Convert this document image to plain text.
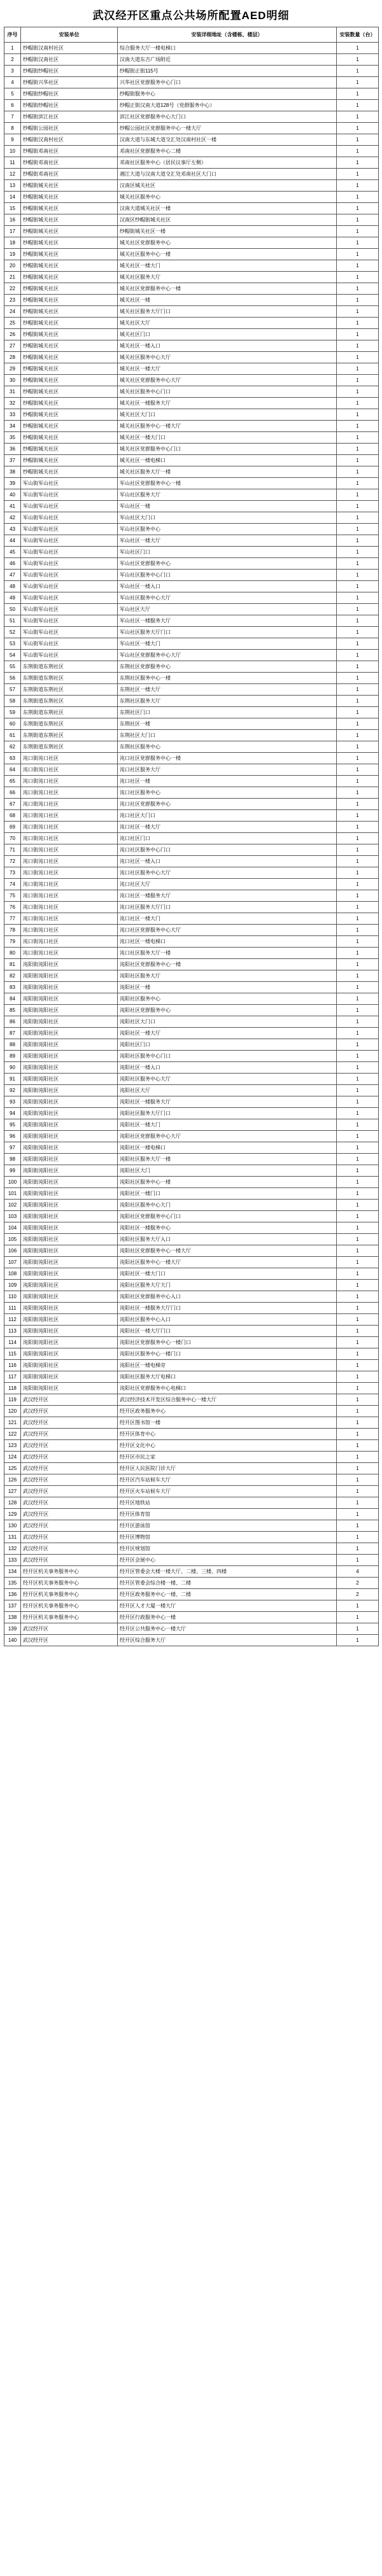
武汉经开区重点公共场所配置AED明细
序号	安装单位	安装详细地址（含楼栋、楼层）	安装数量（台）
1	纱帽街汉南村社区	综合服务大厅一楼电梯口	1
2	纱帽街汉南社区	汉南大道东吉广场附近	1
3	纱帽街纱帽社区	纱帽街正街115号	1
4	纱帽街兴华社区	兴华社区党群服务中心门口	1
5	纱帽街纱帽社区	纱帽街服务中心	1
6	纱帽街纱帽社区	纱帽正街汉南大道128号（党群服务中心）	1
7	纱帽街滨江社区	滨江社区党群服务中心大门口	1
8	纱帽街公园社区	纱帽公园社区党群服务中心一楼大厅	1
9	纱帽街汉南村社区	汉南大道与东城大道交汇处汉南村社区一楼	1
10	纱帽街邓南社区	邓南社区党群服务中心二楼	1
11	纱帽街邓南社区	邓南社区服务中心（居民议事厅左侧）	1
12	纱帽街邓南社区	湘江大道与汉南大道交汇处邓南社区大门口	1
13	纱帽街城关社区	汉南区城关社区	1
14	纱帽街城关社区	城关社区服务中心	1
15	纱帽街城关社区	汉南大道城关社区一楼	1
16	纱帽街城关社区	汉南区纱帽街城关社区	1
17	纱帽街城关社区	纱帽街城关社区一楼	1
18	纱帽街城关社区	城关社区党群服务中心	1
19	纱帽街城关社区	城关社区服务中心一楼	1
20	纱帽街城关社区	城关社区一楼大门	1
21	纱帽街城关社区	城关社区服务大厅	1
22	纱帽街城关社区	城关社区党群服务中心一楼	1
23	纱帽街城关社区	城关社区一楼	1
24	纱帽街城关社区	城关社区服务大厅门口	1
25	纱帽街城关社区	城关社区大厅	1
26	纱帽街城关社区	城关社区门口	1
27	纱帽街城关社区	城关社区一楼入口	1
28	纱帽街城关社区	城关社区服务中心大厅	1
29	纱帽街城关社区	城关社区一楼大厅	1
30	纱帽街城关社区	城关社区党群服务中心大厅	1
31	纱帽街城关社区	城关社区服务中心门口	1
32	纱帽街城关社区	城关社区一楼服务大厅	1
33	纱帽街城关社区	城关社区大门口	1
34	纱帽街城关社区	城关社区服务中心一楼大厅	1
35	纱帽街城关社区	城关社区一楼大门口	1
36	纱帽街城关社区	城关社区党群服务中心门口	1
37	纱帽街城关社区	城关社区一楼电梯口	1
38	纱帽街城关社区	城关社区服务大厅一楼	1
39	军山街军山社区	军山社区党群服务中心一楼	1
40	军山街军山社区	军山社区服务大厅	1
41	军山街军山社区	军山社区一楼	1
42	军山街军山社区	军山社区大门口	1
43	军山街军山社区	军山社区服务中心	1
44	军山街军山社区	军山社区一楼大厅	1
45	军山街军山社区	军山社区门口	1
46	军山街军山社区	军山社区党群服务中心	1
47	军山街军山社区	军山社区服务中心门口	1
48	军山街军山社区	军山社区一楼入口	1
49	军山街军山社区	军山社区服务中心大厅	1
50	军山街军山社区	军山社区大厅	1
51	军山街军山社区	军山社区一楼服务大厅	1
52	军山街军山社区	军山社区服务大厅门口	1
53	军山街军山社区	军山社区一楼大门	1
54	军山街军山社区	军山社区党群服务中心大厅	1
55	东荆街道东荆社区	东荆社区党群服务中心	1
56	东荆街道东荆社区	东荆社区服务中心一楼	1
57	东荆街道东荆社区	东荆社区一楼大厅	1
58	东荆街道东荆社区	东荆社区服务大厅	1
59	东荆街道东荆社区	东荆社区门口	1
60	东荆街道东荆社区	东荆社区一楼	1
61	东荆街道东荆社区	东荆社区大门口	1
62	东荆街道东荆社区	东荆社区服务中心	1
63	沌口街沌口社区	沌口社区党群服务中心一楼	1
64	沌口街沌口社区	沌口社区服务大厅	1
65	沌口街沌口社区	沌口社区一楼	1
66	沌口街沌口社区	沌口社区服务中心	1
67	沌口街沌口社区	沌口社区党群服务中心	1
68	沌口街沌口社区	沌口社区大门口	1
69	沌口街沌口社区	沌口社区一楼大厅	1
70	沌口街沌口社区	沌口社区门口	1
71	沌口街沌口社区	沌口社区服务中心门口	1
72	沌口街沌口社区	沌口社区一楼入口	1
73	沌口街沌口社区	沌口社区服务中心大厅	1
74	沌口街沌口社区	沌口社区大厅	1
75	沌口街沌口社区	沌口社区一楼服务大厅	1
76	沌口街沌口社区	沌口社区服务大厅门口	1
77	沌口街沌口社区	沌口社区一楼大门	1
78	沌口街沌口社区	沌口社区党群服务中心大厅	1
79	沌口街沌口社区	沌口社区一楼电梯口	1
80	沌口街沌口社区	沌口社区服务大厅一楼	1
81	沌阳街沌阳社区	沌阳社区党群服务中心一楼	1
82	沌阳街沌阳社区	沌阳社区服务大厅	1
83	沌阳街沌阳社区	沌阳社区一楼	1
84	沌阳街沌阳社区	沌阳社区服务中心	1
85	沌阳街沌阳社区	沌阳社区党群服务中心	1
86	沌阳街沌阳社区	沌阳社区大门口	1
87	沌阳街沌阳社区	沌阳社区一楼大厅	1
88	沌阳街沌阳社区	沌阳社区门口	1
89	沌阳街沌阳社区	沌阳社区服务中心门口	1
90	沌阳街沌阳社区	沌阳社区一楼入口	1
91	沌阳街沌阳社区	沌阳社区服务中心大厅	1
92	沌阳街沌阳社区	沌阳社区大厅	1
93	沌阳街沌阳社区	沌阳社区一楼服务大厅	1
94	沌阳街沌阳社区	沌阳社区服务大厅门口	1
95	沌阳街沌阳社区	沌阳社区一楼大门	1
96	沌阳街沌阳社区	沌阳社区党群服务中心大厅	1
97	沌阳街沌阳社区	沌阳社区一楼电梯口	1
98	沌阳街沌阳社区	沌阳社区服务大厅一楼	1
99	沌阳街沌阳社区	沌阳社区大门	1
100	沌阳街沌阳社区	沌阳社区服务中心一楼	1
101	沌阳街沌阳社区	沌阳社区一楼门口	1
102	沌阳街沌阳社区	沌阳社区服务中心大门	1
103	沌阳街沌阳社区	沌阳社区党群服务中心门口	1
104	沌阳街沌阳社区	沌阳社区一楼服务中心	1
105	沌阳街沌阳社区	沌阳社区服务大厅入口	1
106	沌阳街沌阳社区	沌阳社区党群服务中心一楼大厅	1
107	沌阳街沌阳社区	沌阳社区服务中心一楼大厅	1
108	沌阳街沌阳社区	沌阳社区一楼大门口	1
109	沌阳街沌阳社区	沌阳社区服务大厅大门	1
110	沌阳街沌阳社区	沌阳社区党群服务中心入口	1
111	沌阳街沌阳社区	沌阳社区一楼服务大厅门口	1
112	沌阳街沌阳社区	沌阳社区服务中心入口	1
113	沌阳街沌阳社区	沌阳社区一楼大厅门口	1
114	沌阳街沌阳社区	沌阳社区党群服务中心一楼门口	1
115	沌阳街沌阳社区	沌阳社区服务中心一楼门口	1
116	沌阳街沌阳社区	沌阳社区一楼电梯旁	1
117	沌阳街沌阳社区	沌阳社区服务大厅电梯口	1
118	沌阳街沌阳社区	沌阳社区党群服务中心电梯口	1
119	武汉经开区	武汉经济技术开发区综合服务中心一楼大厅	1
120	武汉经开区	经开区政务服务中心	1
121	武汉经开区	经开区图书馆一楼	1
122	武汉经开区	经开区体育中心	1
123	武汉经开区	经开区文化中心	1
124	武汉经开区	经开区市民之家	1
125	武汉经开区	经开区人民医院门诊大厅	1
126	武汉经开区	经开区汽车站候车大厅	1
127	武汉经开区	经开区火车站候车大厅	1
128	武汉经开区	经开区地铁站	1
129	武汉经开区	经开区体育馆	1
130	武汉经开区	经开区游泳馆	1
131	武汉经开区	经开区博物馆	1
132	武汉经开区	经开区规划馆	1
133	武汉经开区	经开区会展中心	1
134	经开区机关事务服务中心	经开区管委会大楼一楼大厅、二楼、三楼、四楼	4
135	经开区机关事务服务中心	经开区管委会综合楼一楼、二楼	2
136	经开区机关事务服务中心	经开区政务服务中心一楼、二楼	2
137	经开区机关事务服务中心	经开区人才大厦一楼大厅	1
138	经开区机关事务服务中心	经开区行政服务中心一楼	1
139	武汉经开区	经开区公共服务中心一楼大厅	1
140	武汉经开区	经开区综合服务大厅	1
